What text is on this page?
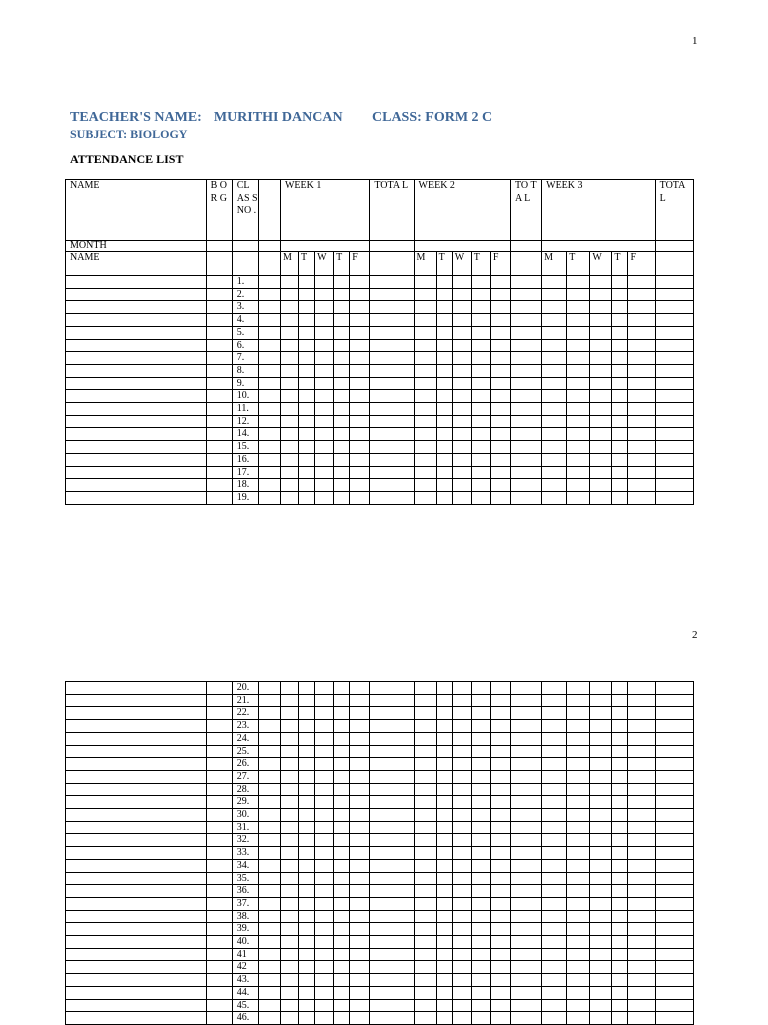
1
TEACHER'S NAME: MURITHI DANCAN CLASS: FORM 2 C
SUBJECT: BIOLOGY
ATTENDANCE LIST
NAME	B OR G	CL AS S NO .		WEEK 1					TOTA L	WEEK 2					TO TA L	WEEK 3					TOTA L
MONTH																					
NAME				M	T	W	T	F		M	T	W	T	F		M	T	W	T	F	
		1.																			
		2.																			
		3.																			
		4.																			
		5.																			
		6.																			
		7.																			
		8.																			
		9.																			
		10.																			
		11.																			
		12.																			
		14.																			
		15.																			
		16.																			
		17.																			
		18.																			
		19.																			
2
		20.																			
		21.																			
		22.																			
		23.																			
		24.																			
		25.																			
		26.																			
		27.																			
		28.																			
		29.																			
		30.																			
		31.																			
		32.																			
		33.																			
		34.																			
		35.																			
		36.																			
		37.																			
		38.																			
		39.																			
		40.																			
		41																			
		42																			
		43.																			
		44.																			
		45.																			
		46.																			
